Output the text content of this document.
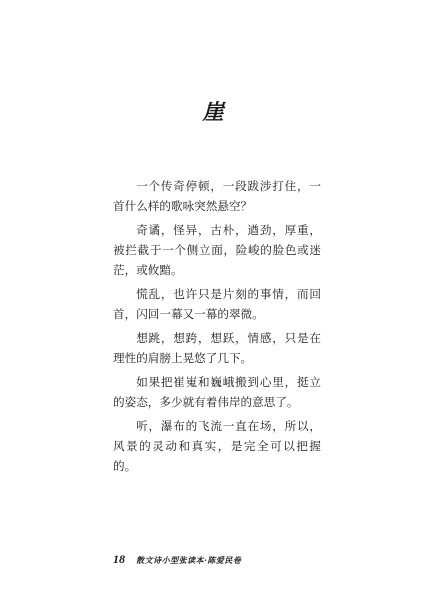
崖

一个传奇停顿，一段跋涉打住，一首什么样的歌咏突然悬空？

奇谲，怪异，古朴，遒劲，厚重，被拦截于一个侧立面，险峻的脸色或迷茫，或攸黯。

慌乱，也许只是片刻的事情，而回首，闪回一幕又一幕的翠微。

想跳，想跨，想跃，情感，只是在理性的肩膀上晃悠了几下。

如果把崔嵬和巍峨搬到心里，挺立的姿态，多少就有着伟岸的意思了。

听，瀑布的飞流一直在场，所以，风景的灵动和真实，是完全可以把握的。

18 散文诗小型张读本·陈爱民卷
